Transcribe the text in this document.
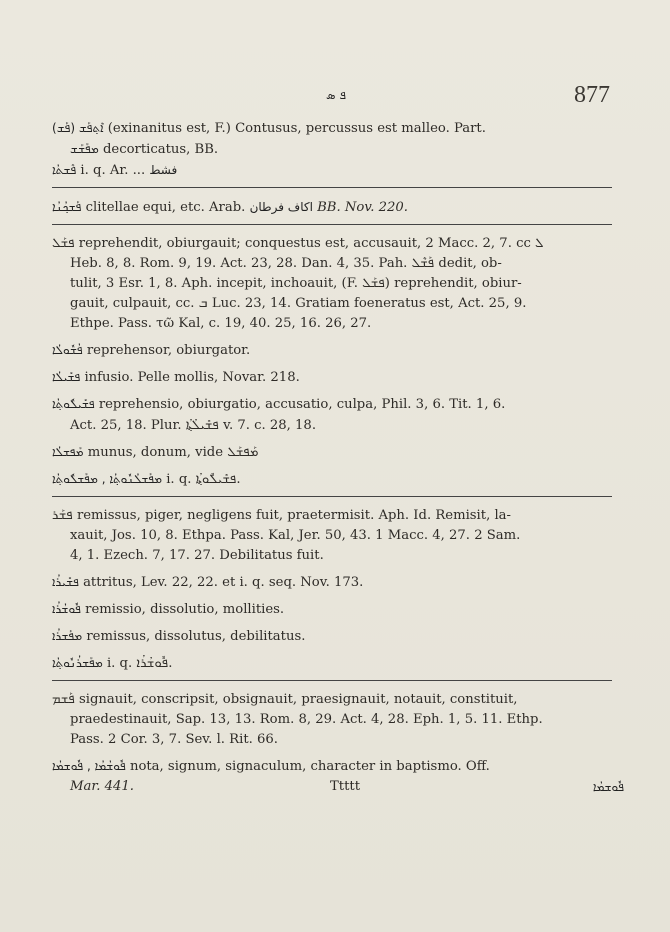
ܦ ܣ	877
(ܦܰܫ) ܐܶܬ݂ܦܰܫ (exinanitus est, F.) Contusus, percussus est malleo. Part.
ܡܦܰܫܰܫ decorticatus, BB.
ܦܶܫܬܳܐ i. q. Ar. ... فشط
ܦܰܫܟ݂ܳܢܳܐ clitellae equi, etc. Arab. اكاف فرطان BB. Nov. 220.
ܦܫܰܠ reprehendit, obiurgauit; conquestus est, accusauit, 2 Macc. 2, 7. cc ܠ
Heb. 8, 8. Rom. 9, 19. Act. 23, 28. Dan. 4, 35. Pah. ܦܰܫܶܠ dedit, ob-
tulit, 3 Esr. 1, 8. Aph. incepit, inchoauit, (F. ܦܫܰܠ) reprehendit, obiur-
gauit, culpauit, cc. ܒ Luc. 23, 14. Gratiam foeneratus est, Act. 25, 9.
Ethpe. Pass. τῶ Kal, c. 19, 40. 25, 16. 26, 27.
ܦܳܫܽܘܠܳܐ reprehensor, obiurgator.
ܦܫܺܝܠܳܐ infusio. Pelle mollis, Novar. 218.
ܦܫܺܝܠܽܘܬ݂ܳܐ reprehensio, obiurgatio, accusatio, culpa, Phil. 3, 6. Tit. 1, 6.
Act. 25, 18. Plur. ܦܫܺܝܠܳܬ݂ܳܐ v. 7. c. 28, 18.
ܡܰܦܫܠܳܐ munus, donum, vide ܡܰܦܫܰܠ
ܡܦܰܫܠܳܢܽܘܬ݂ܳܐ , ܡܦܰܫܠܽܘܬ݂ܳܐ i. q. ܦܫܺܝܠܽܘܬ݂ܳܐ.
ܦܫܰܪ remissus, piger, negligens fuit, praetermisit. Aph. Id. Remisit, la-
xauit, Jos. 10, 8. Ethpa. Pass. Kal, Jer. 50, 43. 1 Macc. 4, 27. 2 Sam.
4, 1. Ezech. 7, 17. 27. Debilitatus fuit.
ܦܫܺܝܪܳܐ attritus, Lev. 22, 22. et i. q. seq. Nov. 173.
ܦܽܘܫܳܪܳܐ remissio, dissolutio, mollities.
ܡܦܰܫܪܳܐ remissus, dissolutus, debilitatus.
ܡܦܰܫܪܳܢܽܘܬ݂ܳܐ i. q. ܦܽܘܫܳܪܳܐ.
ܦܰܫܡ signauit, conscripsit, obsignauit, praesignauit, notauit, constituit,
praedestinauit, Sap. 13, 13. Rom. 8, 29. Act. 4, 28. Eph. 1, 5. 11. Ethp.
Pass. 2 Cor. 3, 7. Sev. l. Rit. 66.
ܦܽܘܫܳܡܳܐ , ܦܽܘܫܡܳܐ nota, signum, signaculum, character in baptismo. Off.
Mar. 441.	Ttttt	ܦܽܘܫܡܳܐ
